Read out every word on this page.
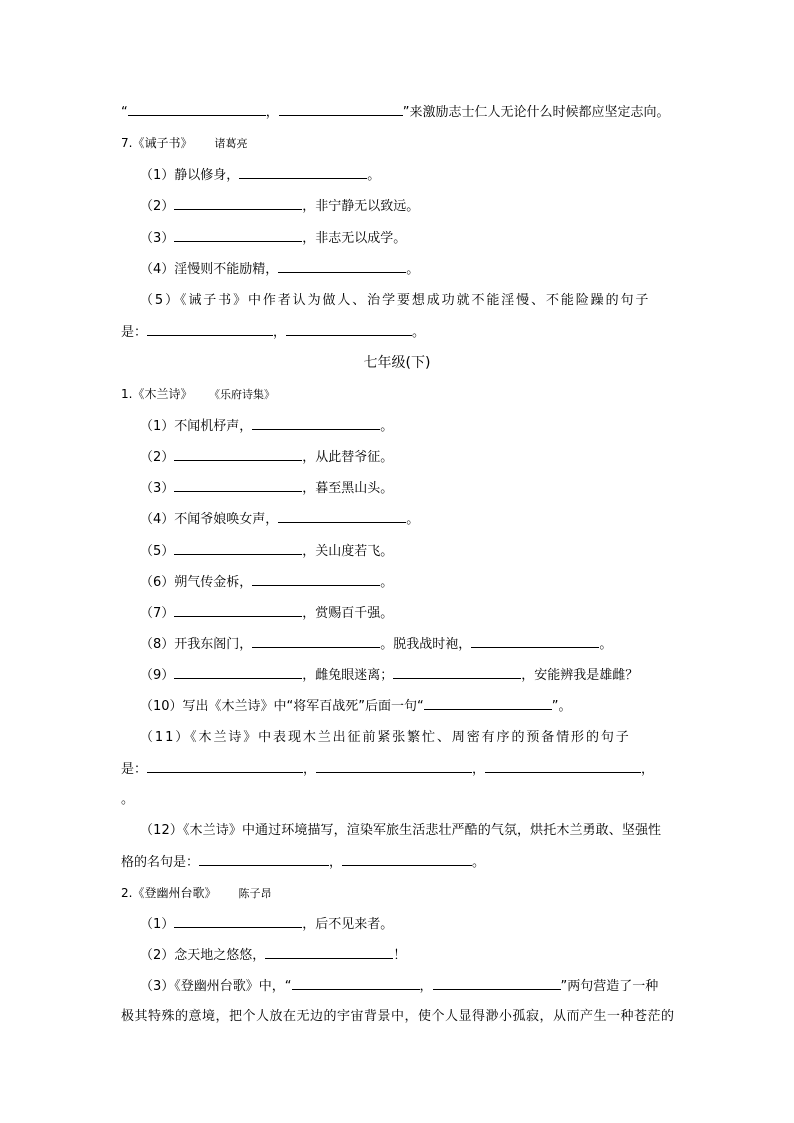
“	，	”来激励志士仁人无论什么时候都应坚定志向。
7.《诫子书》 诸葛亮
（1）静以修身，	。
（2）	，非宁静无以致远。
（3）	，非志无以成学。
（4）淫慢则不能励精，	。
（5）《诫子书》中作者认为做人、治学要想成功就不能淫慢、不能险躁的句子
是：	，	。
七年级(下)
1.《木兰诗》 《乐府诗集》
（1）不闻机杼声，	。
（2）	，从此替爷征。
（3）	，暮至黑山头。
（4）不闻爷娘唤女声，	。
（5）	，关山度若飞。
（6）朔气传金柝，	。
（7）	，赏赐百千强。
（8）开我东阁门，	。脱我战时袍，	。
（9）	，雌兔眼迷离；	，安能辨我是雄雌？
（10）写出《木兰诗》中“将军百战死”后面一句“	”。
（11）《木兰诗》中表现木兰出征前紧张繁忙、周密有序的预备情形的句子
是：	，	，	，
。
（12）《木兰诗》中通过环境描写，渲染军旅生活悲壮严酷的气氛，烘托木兰勇敢、坚强性
格的名句是：	，	。
2.《登幽州台歌》 陈子昂
（1）	，后不见来者。
（2）念天地之悠悠，	！
（3）《登幽州台歌》中，“	，	”两句营造了一种
极其特殊的意境，把个人放在无边的宇宙背景中，使个人显得渺小孤寂，从而产生一种苍茫的
